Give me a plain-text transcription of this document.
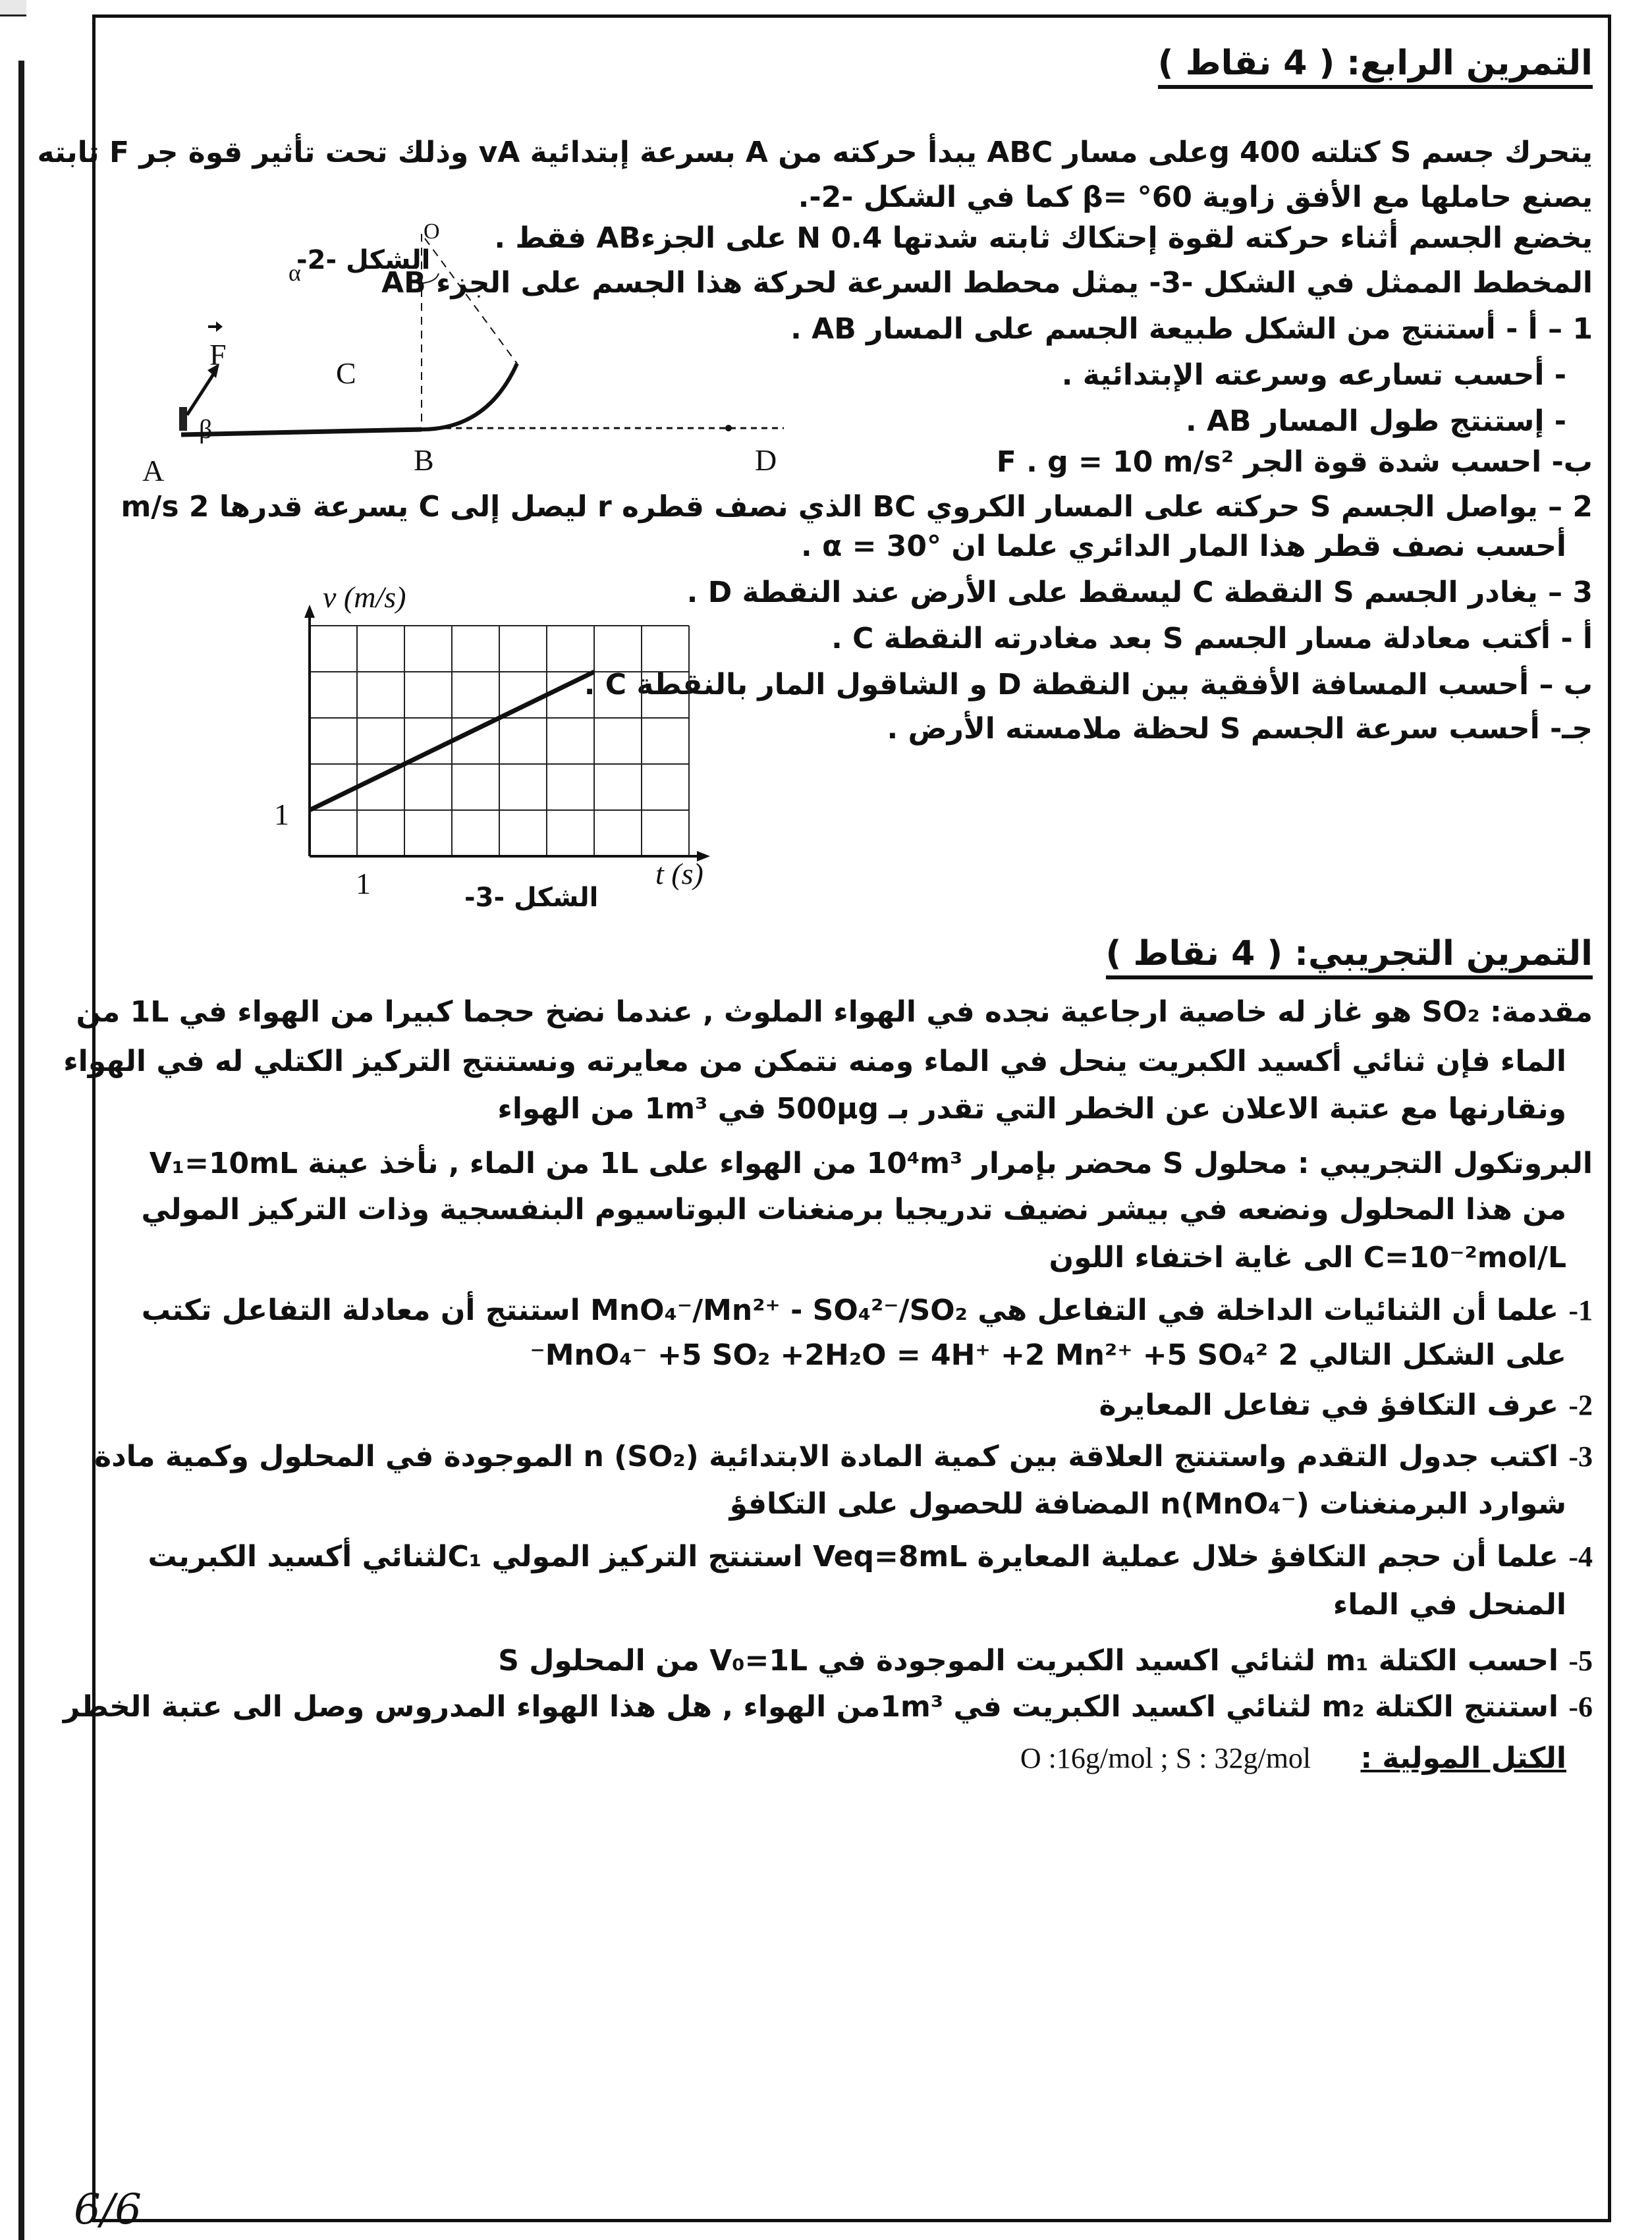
التمرين الرابع: ( 4 نقاط )
يتحرك جسم S كتلته g 400على مسار ABC يبدأ حركته من A بسرعة إبتدائية vA وذلك تحت تأثير قوة جر F ثابته
يصنع حاملها مع الأفق زاوية 60° =β كما في الشكل -2-.
يخضع الجسم أثناء حركته لقوة إحتكاك ثابته شدتها 0.4 N على الجزءAB فقط .
المخطط الممثل في الشكل -3- يمثل محطط السرعة لحركة هذا الجسم على الجزء AB
1 – أ - أستنتج من الشكل طبيعة الجسم على المسار AB .
- أحسب تسارعه وسرعته الإبتدائية .
- إستنتج طول المسار AB .
ب- احسب شدة قوة الجر F . g = 10 m/s²
2 – يواصل الجسم S حركته على المسار الكروي BC الذي نصف قطره r ليصل إلى C يسرعة قدرها 2 m/s
أحسب نصف قطر هذا المار الدائري علما ان α = 30° .
3 – يغادر الجسم S النقطة C ليسقط على الأرض عند النقطة D .
أ - أكتب معادلة مسار الجسم S بعد مغادرته النقطة C .
ب – أحسب المسافة الأفقية بين النقطة D و الشاقول المار بالنقطة C .
جـ- أحسب سرعة الجسم S لحظة ملامسته الأرض .
الشكل -2-
F
β
α
A	B
C
O
D
v (m/s)
1
1	t (s)
الشكل -3-
التمرين التجريبي: ( 4 نقاط )
مقدمة: SO₂ هو غاز له خاصية ارجاعية نجده في الهواء الملوث , عندما نضخ حجما كبيرا من الهواء في 1L من
الماء فإن ثنائي أكسيد الكبريت ينحل في الماء ومنه نتمكن من معايرته ونستنتج التركيز الكتلي له في الهواء
ونقارنها مع عتبة الاعلان عن الخطر التي تقدر بـ 500µg في 1m³ من الهواء
البروتكول التجريبي : محلول S محضر بإمرار 10⁴m³ من الهواء على 1L من الماء , نأخذ عينة V₁=10mL
من هذا المحلول ونضعه في بيشر نضيف تدريجيا برمنغنات البوتاسيوم البنفسجية وذات التركيز المولي
C=10⁻²mol/L الى غاية اختفاء اللون
1- علما أن الثنائيات الداخلة في التفاعل هي MnO₄⁻/Mn²⁺ - SO₄²⁻/SO₂ استنتج أن معادلة التفاعل تكتب
على الشكل التالي 2 MnO₄⁻ +5 SO₂ +2H₂O = 4H⁺ +2 Mn²⁺ +5 SO₄²⁻
2- عرف التكافؤ في تفاعل المعايرة
3- اكتب جدول التقدم واستنتج العلاقة بين كمية المادة الابتدائية n (SO₂) الموجودة في المحلول وكمية مادة
شوارد البرمنغنات n(MnO₄⁻) المضافة للحصول على التكافؤ
4- علما أن حجم التكافؤ خلال عملية المعايرة Veq=8mL استنتج التركيز المولي C₁لثنائي أكسيد الكبريت
المنحل في الماء
5- احسب الكتلة m₁ لثنائي اكسيد الكبريت الموجودة في V₀=1L من المحلول S
6- استنتج الكتلة m₂ لثنائي اكسيد الكبريت في 1m³من الهواء , هل هذا الهواء المدروس وصل الى عتبة الخطر
الكتل المولية : O :16g/mol ; S : 32g/mol
6/6
